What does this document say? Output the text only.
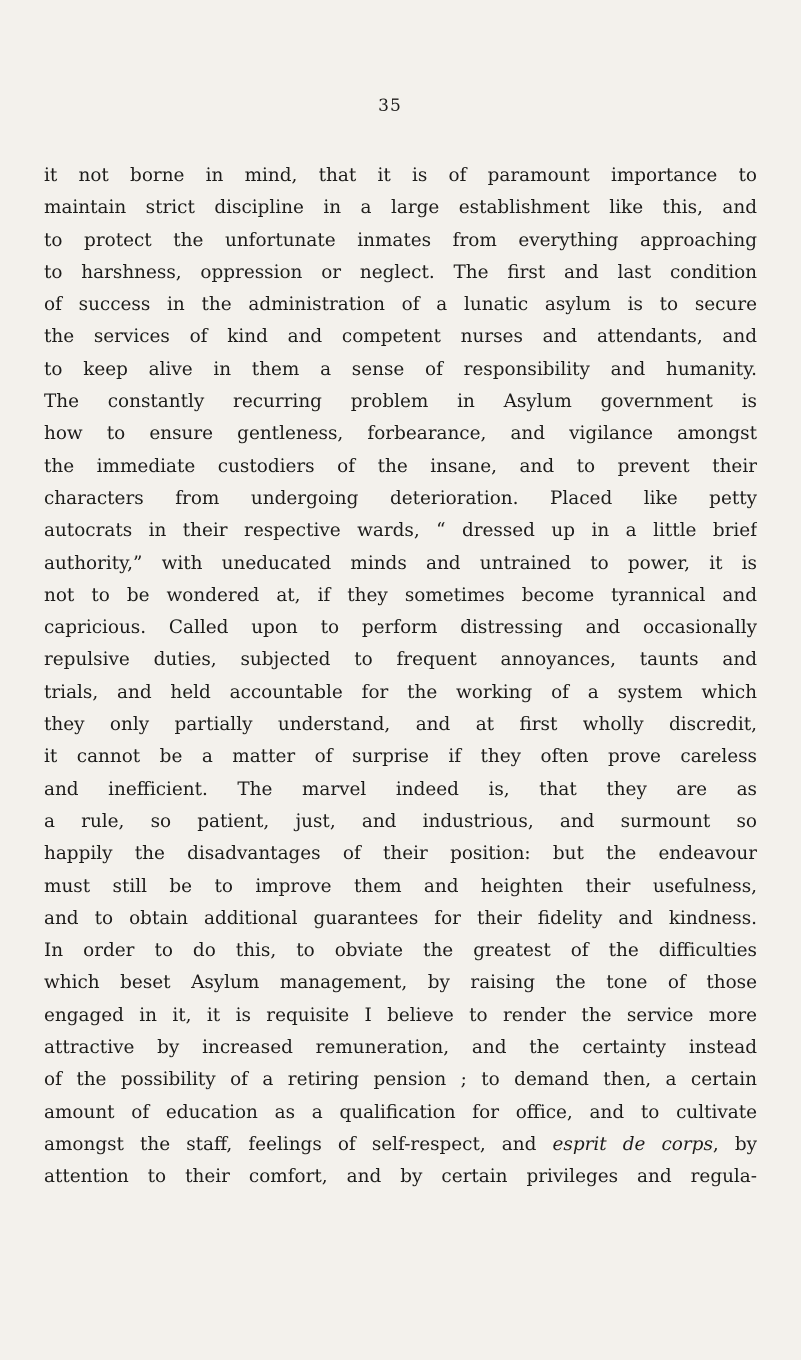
35
it not borne in mind, that it is of paramount importance to
maintain strict discipline in a large establishment like this, and
to protect the unfortunate inmates from everything approaching
to harshness, oppression or neglect. The first and last condition
of success in the administration of a lunatic asylum is to secure
the services of kind and competent nurses and attendants, and
to keep alive in them a sense of responsibility and humanity.
The constantly recurring problem in Asylum government is
how to ensure gentleness, forbearance, and vigilance amongst
the immediate custodiers of the insane, and to prevent their
characters from undergoing deterioration. Placed like petty
autocrats in their respective wards, “ dressed up in a little brief
authority,” with uneducated minds and untrained to power, it is
not to be wondered at, if they sometimes become tyrannical and
capricious. Called upon to perform distressing and occasionally
repulsive duties, subjected to frequent annoyances, taunts and
trials, and held accountable for the working of a system which
they only partially understand, and at first wholly discredit,
it cannot be a matter of surprise if they often prove careless
and inefficient. The marvel indeed is, that they are as
a rule, so patient, just, and industrious, and surmount so
happily the disadvantages of their position: but the endeavour
must still be to improve them and heighten their usefulness,
and to obtain additional guarantees for their fidelity and kindness.
In order to do this, to obviate the greatest of the difficulties
which beset Asylum management, by raising the tone of those
engaged in it, it is requisite I believe to render the service more
attractive by increased remuneration, and the certainty instead
of the possibility of a retiring pension ; to demand then, a certain
amount of education as a qualification for office, and to cultivate
amongst the staff, feelings of self-respect, and esprit de corps, by
attention to their comfort, and by certain privileges and regula-
